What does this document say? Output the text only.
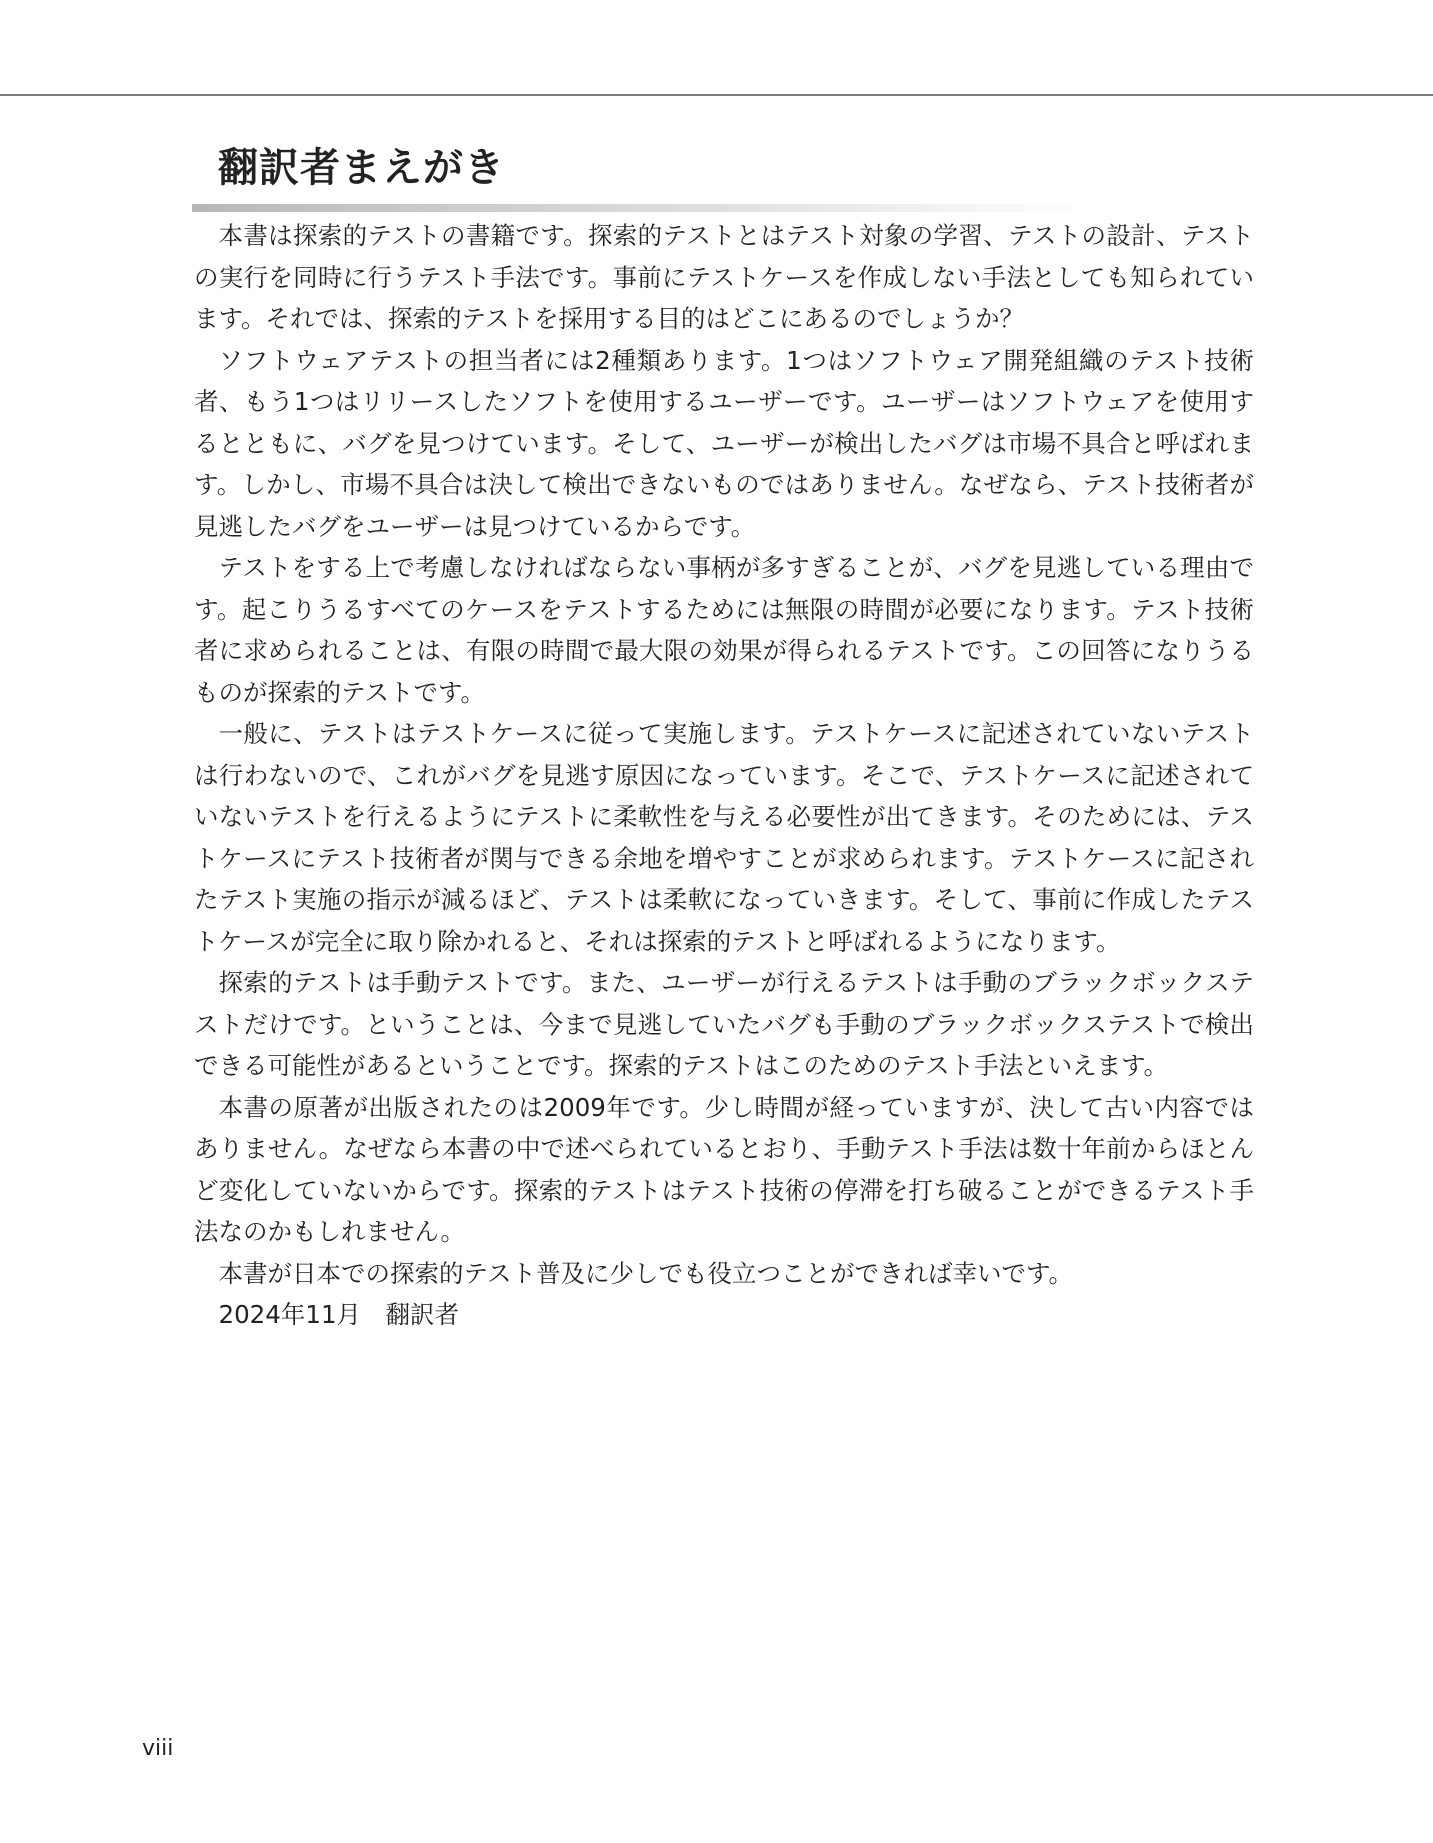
翻訳者まえがき

本書は探索的テストの書籍です。探索的テストとはテスト対象の学習、テストの設計、テストの実行を同時に行うテスト手法です。事前にテストケースを作成しない手法としても知られています。それでは、探索的テストを採用する目的はどこにあるのでしょうか？

ソフトウェアテストの担当者には2種類あります。1つはソフトウェア開発組織のテスト技術者、もう1つはリリースしたソフトを使用するユーザーです。ユーザーはソフトウェアを使用するとともに、バグを見つけています。そして、ユーザーが検出したバグは市場不具合と呼ばれます。しかし、市場不具合は決して検出できないものではありません。なぜなら、テスト技術者が見逃したバグをユーザーは見つけているからです。

テストをする上で考慮しなければならない事柄が多すぎることが、バグを見逃している理由です。起こりうるすべてのケースをテストするためには無限の時間が必要になります。テスト技術者に求められることは、有限の時間で最大限の効果が得られるテストです。この回答になりうるものが探索的テストです。

一般に、テストはテストケースに従って実施します。テストケースに記述されていないテストは行わないので、これがバグを見逃す原因になっています。そこで、テストケースに記述されていないテストを行えるようにテストに柔軟性を与える必要性が出てきます。そのためには、テストケースにテスト技術者が関与できる余地を増やすことが求められます。テストケースに記されたテスト実施の指示が減るほど、テストは柔軟になっていきます。そして、事前に作成したテストケースが完全に取り除かれると、それは探索的テストと呼ばれるようになります。

探索的テストは手動テストです。また、ユーザーが行えるテストは手動のブラックボックステストだけです。ということは、今まで見逃していたバグも手動のブラックボックステストで検出できる可能性があるということです。探索的テストはこのためのテスト手法といえます。

本書の原著が出版されたのは2009年です。少し時間が経っていますが、決して古い内容ではありません。なぜなら本書の中で述べられているとおり、手動テスト手法は数十年前からほとんど変化していないからです。探索的テストはテスト技術の停滞を打ち破ることができるテスト手法なのかもしれません。

本書が日本での探索的テスト普及に少しでも役立つことができれば幸いです。

2024年11月　翻訳者

viii
